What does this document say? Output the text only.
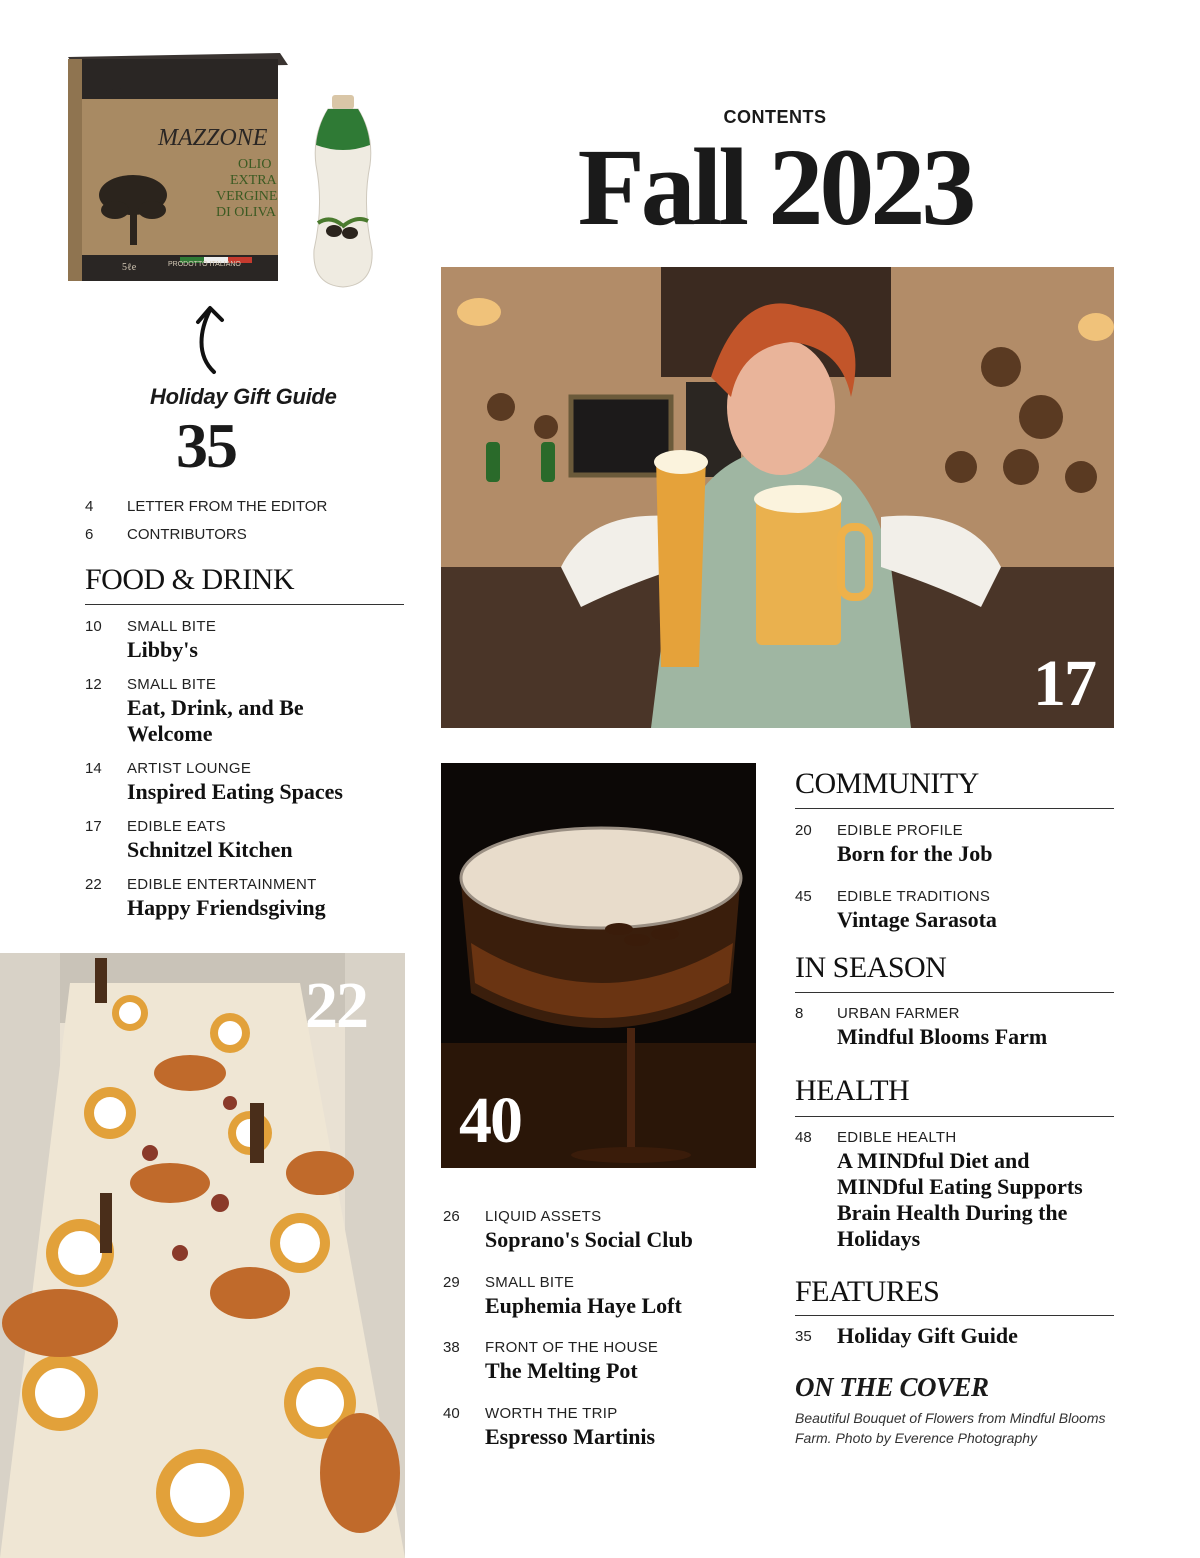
CONTENTS
Fall 2023
MAZZONE
OLIO
EXTRA
VERGINE
DI OLIVA
PRODOTTO ITALIANO
5ℓe
Holiday Gift Guide
35
4 LETTER FROM THE EDITOR
6 CONTRIBUTORS
FOOD & DRINK
10 SMALL BITE
Libby's
12 SMALL BITE
Eat, Drink, and Be Welcome
14 ARTIST LOUNGE
Inspired Eating Spaces
17 EDIBLE EATS
Schnitzel Kitchen
22 EDIBLE ENTERTAINMENT
Happy Friendsgiving
22
17
40
26 LIQUID ASSETS
Soprano's Social Club
29 SMALL BITE
Euphemia Haye Loft
38 FRONT OF THE HOUSE
The Melting Pot
40 WORTH THE TRIP
Espresso Martinis
COMMUNITY
20 EDIBLE PROFILE
Born for the Job
45 EDIBLE TRADITIONS
Vintage Sarasota
IN SEASON
8 URBAN FARMER
Mindful Blooms Farm
HEALTH
48 EDIBLE HEALTH
A MINDful Diet and MINDful Eating Supports Brain Health During the Holidays
FEATURES
35 Holiday Gift Guide
ON THE COVER
Beautiful Bouquet of Flowers from Mindful Blooms Farm. Photo by Everence Photography
